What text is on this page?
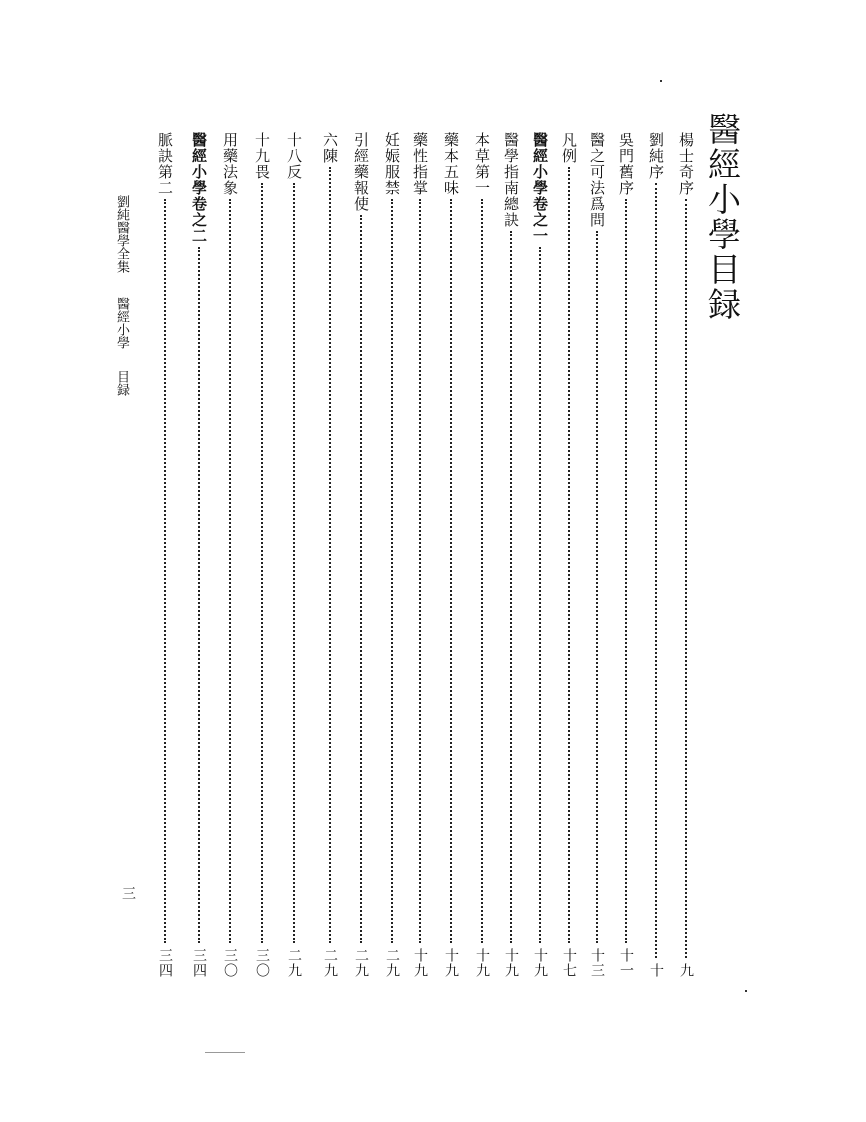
醫經小學目録
楊士奇序
九
劉純序
十
吳門舊序
十一
醫之可法爲問
十三
凡例
十七
醫經小學卷之一
十九
醫學指南總訣
十九
本草第一
十九
藥本五味
十九
藥性指掌
十九
妊娠服禁
二九
引經藥報使
二九
六陳
二九
十八反
二九
十九畏
三〇
用藥法象
三〇
醫經小學卷之二
三四
脈訣第二
三四
劉純醫學全集  醫經小學  目録
三
